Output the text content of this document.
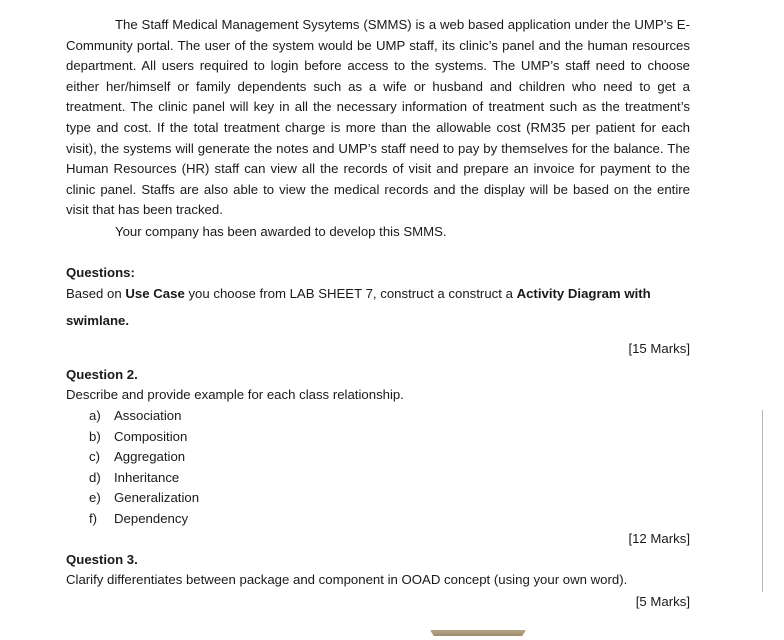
The Staff Medical Management Sysytems (SMMS) is a web based application under the UMP’s E-Community portal. The user of the system would be UMP staff, its clinic’s panel and the human resources department. All users required to login before access to the systems. The UMP’s staff need to choose either her/himself or family dependents such as a wife or husband and children who need to get a treatment. The clinic panel will key in all the necessary information of treatment such as the treatment’s type and cost. If the total treatment charge is more than the allowable cost (RM35 per patient for each visit), the systems will generate the notes and UMP’s staff need to pay by themselves for the balance. The Human Resources (HR) staff can view all the records of visit and prepare an invoice for payment to the clinic panel. Staffs are also able to view the medical records and the display will be based on the entire visit that has been tracked.

Your company has been awarded to develop this SMMS.

Questions:

Based on Use Case you choose from LAB SHEET 7, construct a construct a Activity Diagram with

swimlane.

[15 Marks]

Question 2.

Describe and provide example for each class relationship.

a) Association
b) Composition
c) Aggregation
d) Inheritance
e) Generalization
f) Dependency
[12 Marks]

Question 3.

Clarify differentiates between package and component in OOAD concept (using your own word).

[5 Marks]
